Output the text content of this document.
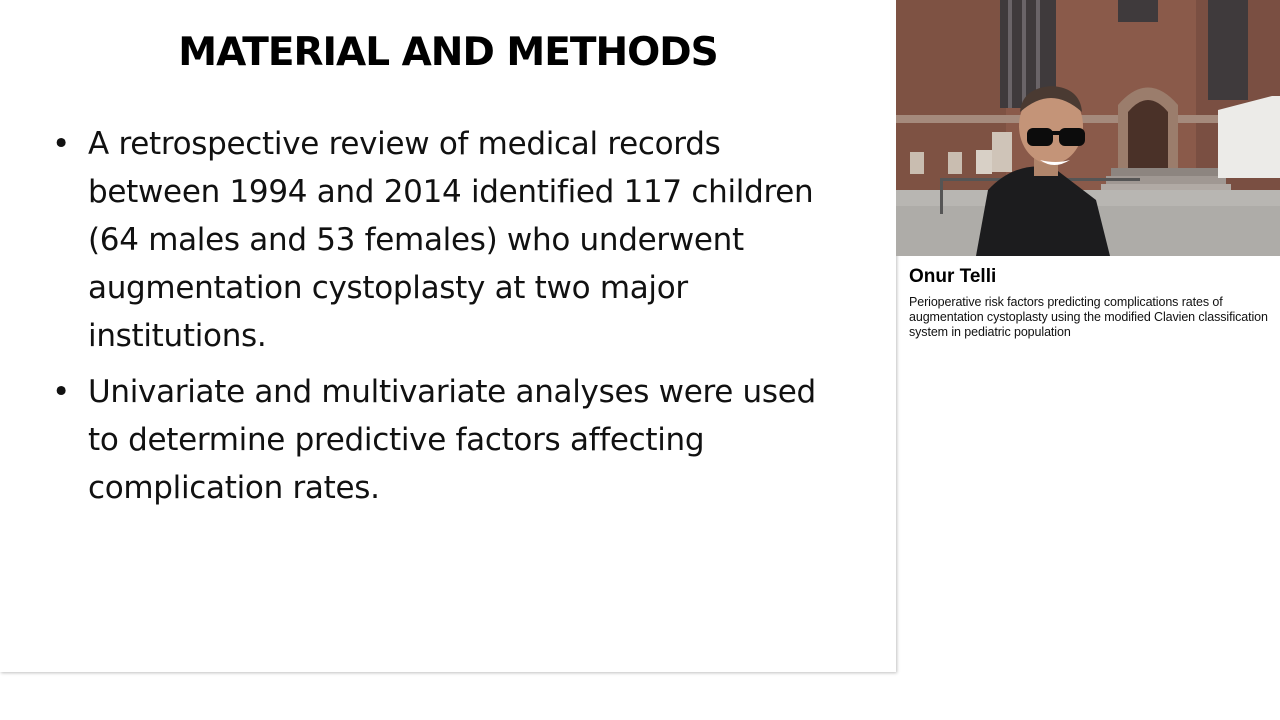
MATERIAL AND METHODS
• A retrospective review of medical records between 1994 and 2014 identified 117 children (64 males and 53 females) who underwent augmentation cystoplasty at two major institutions.
• Univariate and multivariate analyses were used to determine predictive factors affecting complication rates.
Onur Telli

Perioperative risk factors predicting complications rates of augmentation cystoplasty using the modified Clavien classification system in pediatric population
